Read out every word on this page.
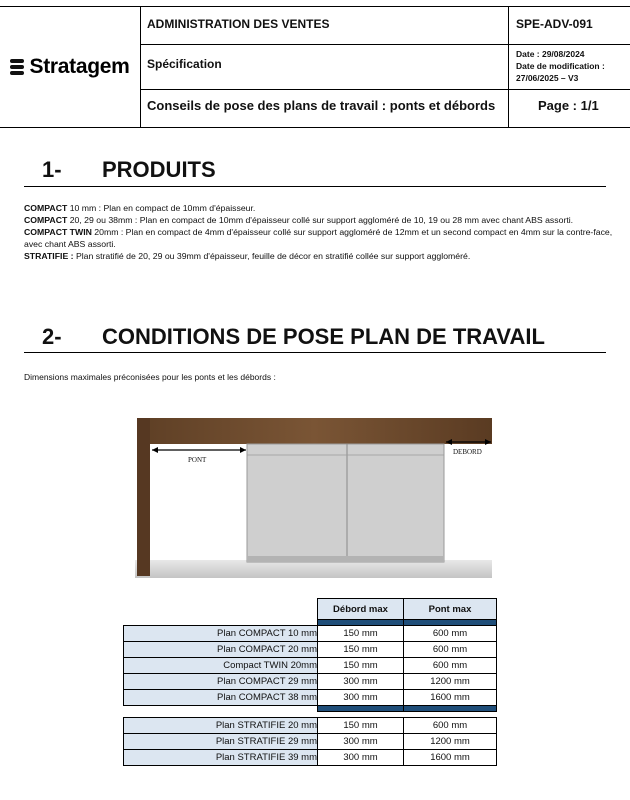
Stratagem
ADMINISTRATION DES VENTES
Spécification
Conseils de pose des plans de travail : ponts et débords
SPE-ADV-091
Date : 29/08/2024
Date de modification :
27/06/2025 – V3
Page : 1/1
1- PRODUITS
COMPACT 10 mm : Plan en compact de 10mm d'épaisseur.
COMPACT 20, 29 ou 38mm : Plan en compact de 10mm d'épaisseur collé sur support aggloméré de 10, 19 ou 28 mm avec chant ABS assorti.
COMPACT TWIN 20mm : Plan en compact de 4mm d'épaisseur collé sur support aggloméré de 12mm et un second compact en 4mm sur la contre-face, avec chant ABS assorti.
STRATIFIE : Plan stratifié de 20, 29 ou 39mm d'épaisseur, feuille de décor en stratifié collée sur support aggloméré.
2- CONDITIONS DE POSE PLAN DE TRAVAIL
Dimensions maximales préconisées pour les ponts et les débords :
PONT
DEBORD
	Débord max	Pont max

Plan COMPACT 10 mm	150 mm	600 mm
Plan COMPACT 20 mm	150 mm	600 mm
Compact TWIN 20mm	150 mm	600 mm
Plan COMPACT 29 mm	300 mm	1200 mm
Plan COMPACT 38 mm	300 mm	1600 mm

Plan STRATIFIE 20 mm	150 mm	600 mm
Plan STRATIFIE 29 mm	300 mm	1200 mm
Plan STRATIFIE 39 mm	300 mm	1600 mm
